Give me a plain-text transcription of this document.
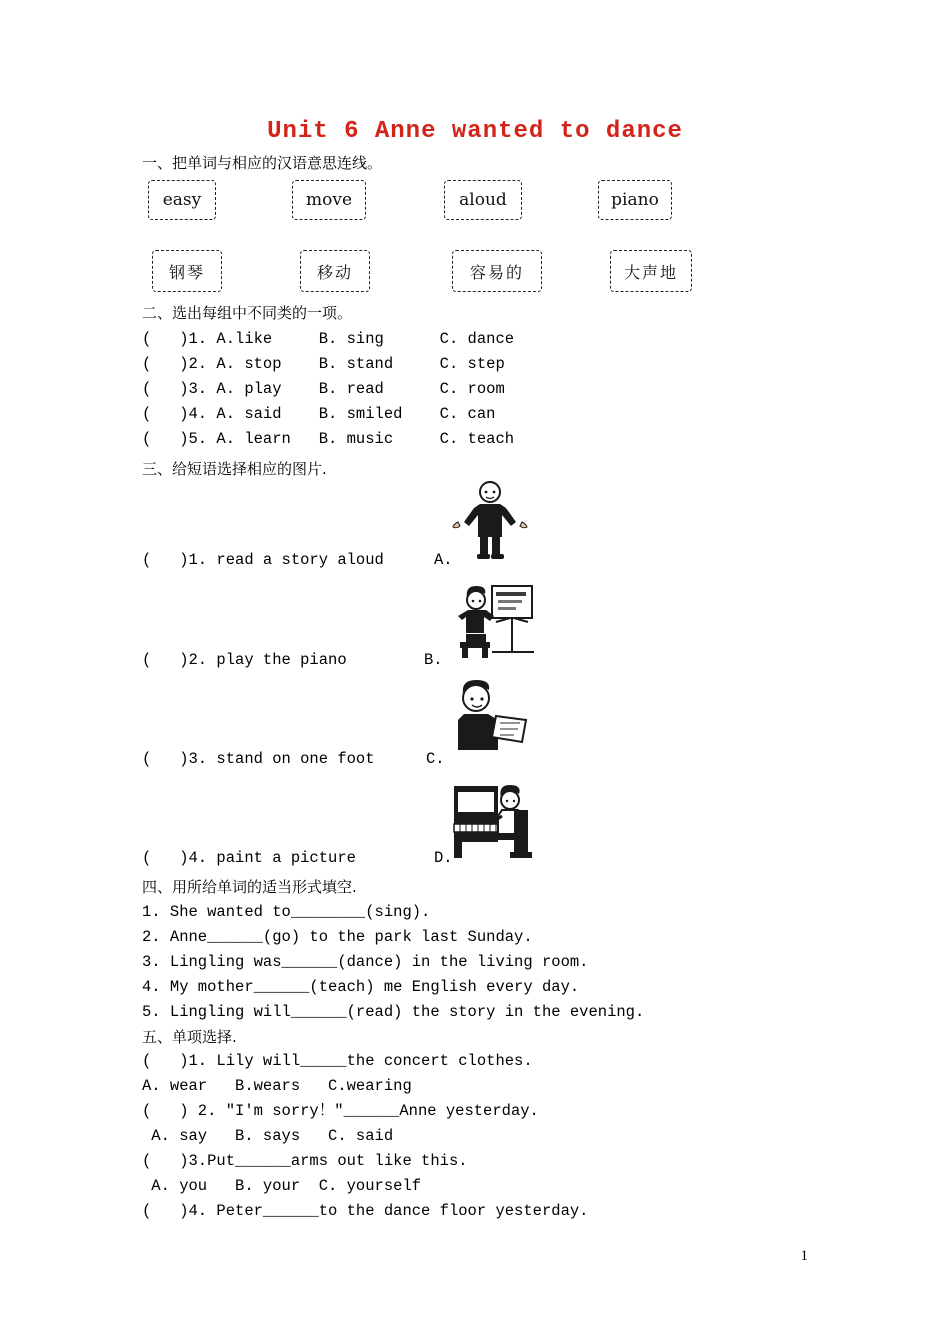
Unit 6 Anne wanted to dance
一、把单词与相应的汉语意思连线。
easy	move	aloud	piano
钢琴	移动	容易的	大声地
二、选出每组中不同类的一项。
(   )1. A.like     B. sing      C. dance
(   )2. A. stop    B. stand     C. step
(   )3. A. play    B. read      C. room
(   )4. A. said    B. smiled    C. can
(   )5. A. learn   B. music     C. teach
三、给短语选择相应的图片.
(   )1. read a story aloud	A.
(   )2. play the piano	B.
(   )3. stand on one foot	C.
(   )4. paint a picture	D.
四、用所给单词的适当形式填空.
1. She wanted to________(sing).
2. Anne______(go) to the park last Sunday.
3. Lingling was______(dance) in the living room.
4. My mother______(teach) me English every day.
5. Lingling will______(read) the story in the evening.
五、单项选择.
(   )1. Lily will_____the concert clothes.
A. wear   B.wears   C.wearing
(   ) 2. "I'm sorry！"______Anne yesterday.
A. say   B. says   C. said
(   )3.Put______arms out like this.
A. you   B. your  C. yourself
(   )4. Peter______to the dance floor yesterday.
1
